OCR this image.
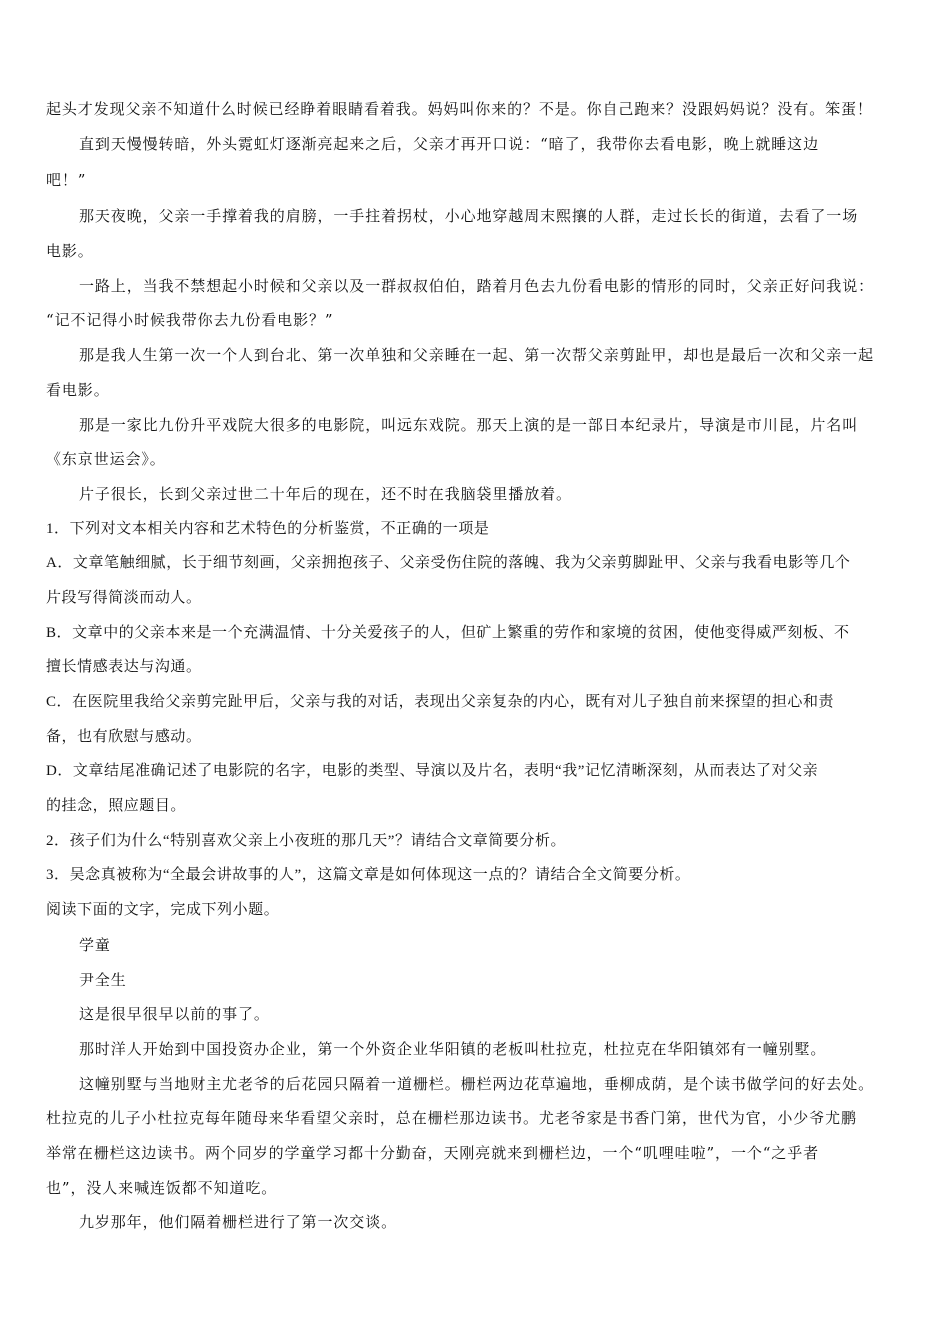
起头才发现父亲不知道什么时候已经睁着眼睛看着我。妈妈叫你来的？不是。你自己跑来？没跟妈妈说？没有。笨蛋！
直到天慢慢转暗，外头霓虹灯逐渐亮起来之后，父亲才再开口说：“暗了，我带你去看电影，晚上就睡这边
吧！”
那天夜晚，父亲一手撑着我的肩膀，一手拄着拐杖，小心地穿越周末熙攘的人群，走过长长的街道，去看了一场
电影。
一路上，当我不禁想起小时候和父亲以及一群叔叔伯伯，踏着月色去九份看电影的情形的同时，父亲正好问我说：
“记不记得小时候我带你去九份看电影？”
那是我人生第一次一个人到台北、第一次单独和父亲睡在一起、第一次帮父亲剪趾甲，却也是最后一次和父亲一起
看电影。
那是一家比九份升平戏院大很多的电影院，叫远东戏院。那天上演的是一部日本纪录片，导演是市川昆，片名叫
《东京世运会》。
片子很长，长到父亲过世二十年后的现在，还不时在我脑袋里播放着。
1．下列对文本相关内容和艺术特色的分析鉴赏，不正确的一项是
A．文章笔触细腻，长于细节刻画，父亲拥抱孩子、父亲受伤住院的落魄、我为父亲剪脚趾甲、父亲与我看电影等几个
片段写得简淡而动人。
B．文章中的父亲本来是一个充满温情、十分关爱孩子的人，但矿上繁重的劳作和家境的贫困，使他变得威严刻板、不
擅长情感表达与沟通。
C．在医院里我给父亲剪完趾甲后，父亲与我的对话，表现出父亲复杂的内心，既有对儿子独自前来探望的担心和责
备，也有欣慰与感动。
D．文章结尾准确记述了电影院的名字，电影的类型、导演以及片名，表明“我”记忆清晰深刻，从而表达了对父亲
的挂念，照应题目。
2．孩子们为什么“特别喜欢父亲上小夜班的那几天”？请结合文章简要分析。
3．吴念真被称为“全最会讲故事的人”，这篇文章是如何体现这一点的？请结合全文简要分析。
阅读下面的文字，完成下列小题。
学童
尹全生
这是很早很早以前的事了。
那时洋人开始到中国投资办企业，第一个外资企业华阳镇的老板叫杜拉克，杜拉克在华阳镇郊有一幢别墅。
这幢别墅与当地财主尤老爷的后花园只隔着一道栅栏。栅栏两边花草遍地，垂柳成荫，是个读书做学问的好去处。
杜拉克的儿子小杜拉克每年随母来华看望父亲时，总在栅栏那边读书。尤老爷家是书香门第，世代为官，小少爷尤鹏
举常在栅栏这边读书。两个同岁的学童学习都十分勤奋，天刚亮就来到栅栏边，一个“叽哩哇啦”，一个“之乎者
也”，没人来喊连饭都不知道吃。
九岁那年，他们隔着栅栏进行了第一次交谈。
